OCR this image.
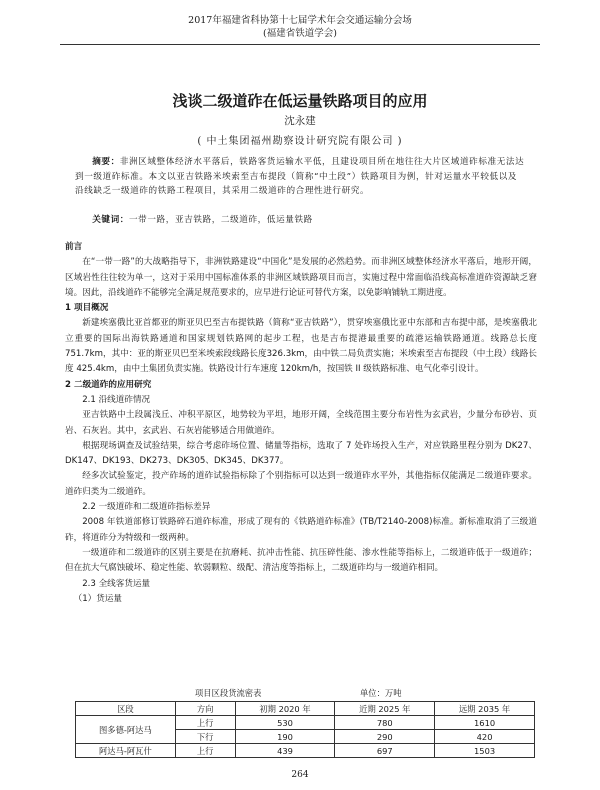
2017年福建省科协第十七届学术年会交通运输分会场
(福建省铁道学会)
浅谈二级道砟在低运量铁路项目的应用
沈永建
( 中土集团福州勘察设计研究院有限公司 )
摘要：非洲区域整体经济水平落后，铁路客货运输水平低，且建设项目所在地往往大片区域道砟标准无法达到一级道砟标准。本文以亚吉铁路米埃索至吉布提段（简称“中土段”）铁路项目为例，针对运量水平较低以及沿线缺乏一级道砟的铁路工程项目，其采用二级道砟的合理性进行研究。
关键词：一带一路，亚吉铁路，二级道砟，低运量铁路
前言

在“一带一路”的大战略指导下，非洲铁路建设“中国化”是发展的必然趋势。而非洲区域整体经济水平落后，地形开阔，区域岩性往往较为单一，这对于采用中国标准体系的非洲区域铁路项目而言，实施过程中常面临沿线高标准道砟资源缺乏窘境。因此，沿线道砟不能够完全满足规范要求的，应早进行论证可替代方案，以免影响铺轨工期进度。

1 项目概况

新建埃塞俄比亚首都亚的斯亚贝巴至吉布提铁路（简称“亚吉铁路”），贯穿埃塞俄比亚中东部和吉布提中部，是埃塞俄北立重要的国际出海铁路通道和国家规划铁路网的起步工程，也是吉布提港最重要的疏港运输铁路通道。线路总长度 751.7km，其中：亚的斯亚贝巴至米埃索段线路长度326.3km，由中铁二局负责实施；米埃索至吉布提段（中土段）线路长度 425.4km，由中土集团负责实施。铁路设计行车速度 120km/h，按国铁 II 级铁路标准、电气化牵引设计。

2 二级道砟的应用研究
2.1 沿线道砟情况

亚吉铁路中土段属浅丘、冲积平原区，地势较为平坦，地形开阔，全线范围主要分布岩性为玄武岩，少量分布砂岩、页岩、石灰岩。其中，玄武岩、石灰岩能够适合用做道砟。

根据现场调查及试验结果，综合考虑砟场位置、储量等指标，选取了 7 处砟场投入生产，对应铁路里程分别为 DK27、DK147、DK193、DK273、DK305、DK345、DK377。

经多次试验鉴定，投产砟场的道砟试验指标除了个别指标可以达到一级道砟水平外，其他指标仅能满足二级道砟要求。道砟归类为二级道砟。

2.2 一级道砟和二级道砟指标差异

2008 年铁道部修订铁路碎石道砟标准，形成了现有的《铁路道砟标准》(TB/T2140-2008)标准。新标准取消了三级道砟，将道砟分为特级和一级两种。

一级道砟和二级道砟的区别主要是在抗磨耗、抗冲击性能、抗压碎性能、渗水性能等指标上，二级道砟低于一级道砟；但在抗大气腐蚀破坏、稳定性能、软弱颗粒、级配、清洁度等指标上，二级道砟均与一级道砟相同。

2.3 全线客货运量
（1）货运量
项目区段货流密表	单位：万吨
区段	方向	初期 2020 年	近期 2025 年	远期 2035 年
图多德-阿达马	上行	530	780	1610
	下行	190	290	420
阿达马-阿瓦什	上行	439	697	1503
264
